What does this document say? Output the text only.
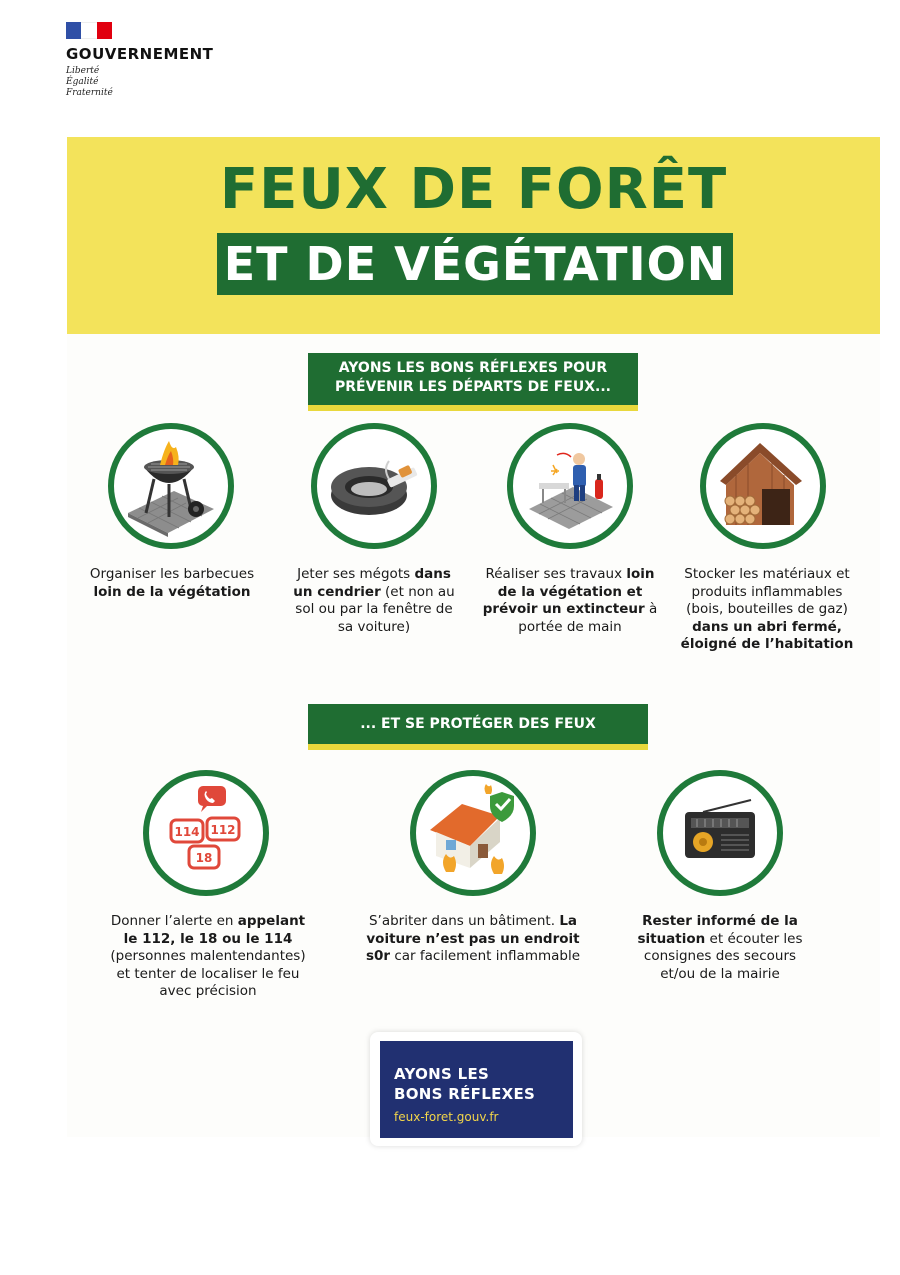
GOUVERNEMENT
Liberté
Égalité
Fraternité
FEUX DE FORÊT
ET DE VÉGÉTATION
AYONS LES BONS RÉFLEXES POUR
PRÉVENIR LES DÉPARTS DE FEUX...
Organiser les barbecues
loin de la végétation
Jeter ses mégots dans un cendrier (et non au sol ou par la fenêtre de sa voiture)
Réaliser ses travaux loin de la végétation et prévoir un extincteur à portée de main
Stocker les matériaux et produits inflammables (bois, bouteilles de gaz) dans un abri fermé, éloigné de l’habitation
... ET SE PROTÉGER DES FEUX
114 112
18
Donner l’alerte en appelant le 112, le 18 ou le 114 (personnes malentendantes) et tenter de localiser le feu avec précision
S’abriter dans un bâtiment. La voiture n’est pas un endroit s0r car facilement inflammable
Rester informé de la situation et écouter les consignes des secours et/ou de la mairie
AYONS LES
BONS RÉFLEXES
feux-foret.gouv.fr
